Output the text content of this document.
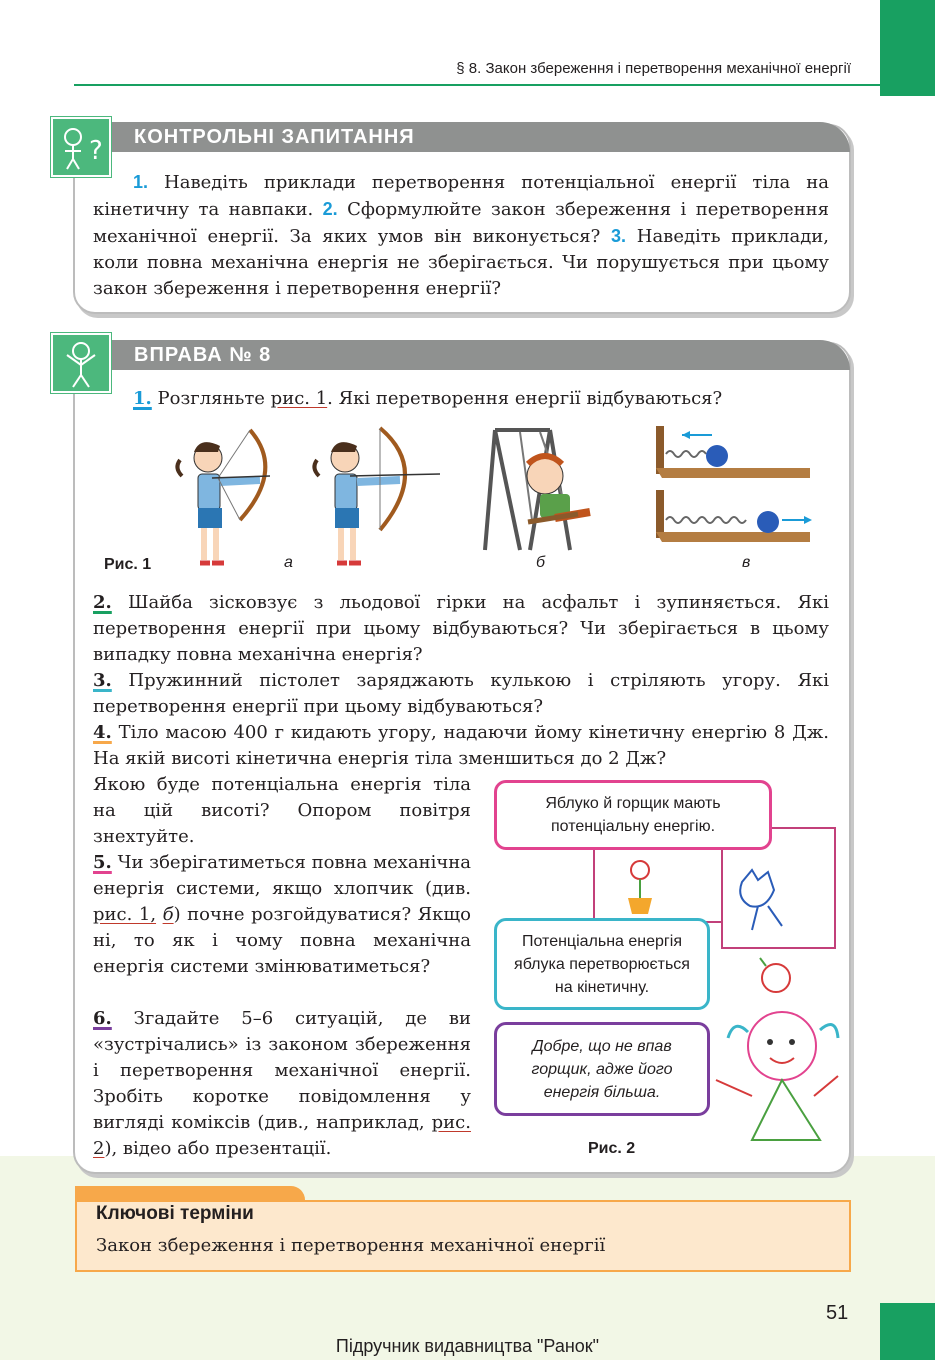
§ 8. Закон збереження і перетворення механічної енергії
КОНТРОЛЬНІ ЗАПИТАННЯ
?
1. Наведіть приклади перетворення потенціальної енергії тіла на кінетичну та навпаки. 2. Сформулюйте закон збереження і перетворення механічної енергії. За яких умов він виконується? 3. Наведіть приклади, коли повна механічна енергія не зберігається. Чи порушується при цьому закон збереження і перетворення енергії?
ВПРАВА № 8
1. Розгляньте рис. 1. Які перетворення енергії відбуваються?
Рис. 1	а	б	в
2. Шайба зісковзує з льодової гірки на асфальт і зупиняється. Які перетворення енергії при цьому відбуваються? Чи зберігається в цьому випадку повна механічна енергія?
3. Пружинний пістолет заряджають кулькою і стріляють угору. Які перетворення енергії при цьому відбуваються?
4. Тіло масою 400 г кидають угору, надаючи йому кінетичну енергію 8 Дж. На якій висоті кінетична енергія тіла зменшиться до 2 Дж?
Якою буде потенціальна енергія тіла на цій висоті? Опором повітря знехтуйте.
5. Чи зберігатиметься повна механічна енергія системи, якщо хлопчик (див. рис. 1, б) почне розгойдуватися? Якщо ні, то як і чому повна механічна енергія системи змінюватиметься?
6. Згадайте 5–6 ситуацій, де ви «зустрічались» із законом збереження і перетворення механічної енергії. Зробіть коротке повідомлення у вигляді коміксів (див., наприклад, рис. 2), відео або презентації.
Яблуко й горщик мають потенціальну енергію.
Потенціальна енергія яблука перетворюється на кінетичну.
Добре, що не впав горщик, адже його енергія більша.
Рис. 2
Ключові терміни
Закон збереження і перетворення механічної енергії
51
Підручник видавництва "Ранок"
